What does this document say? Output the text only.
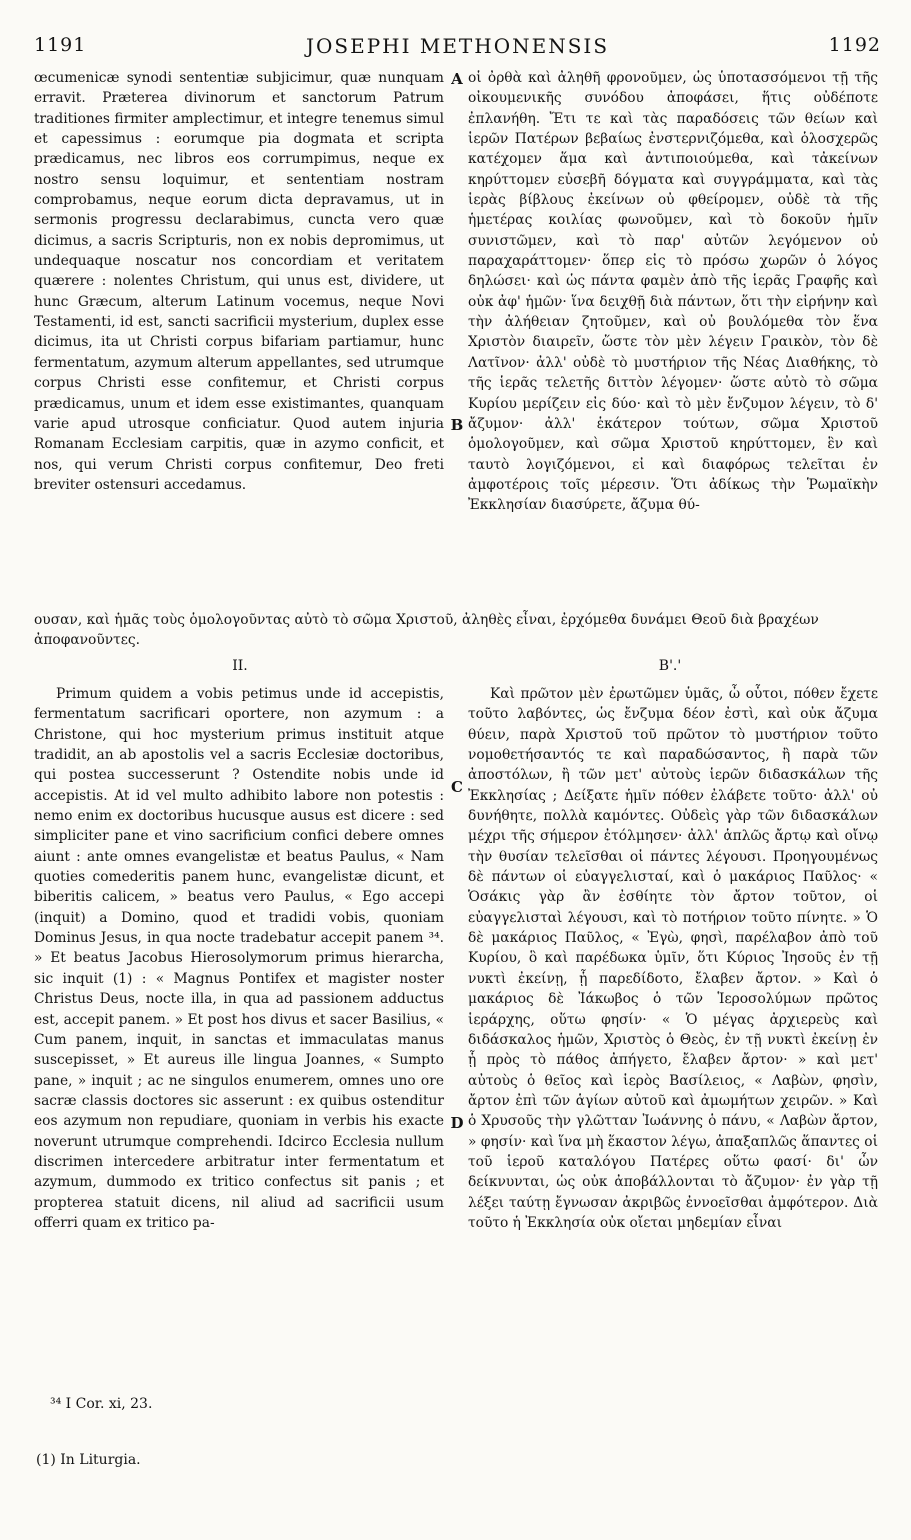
1191	JOSEPHI METHONENSIS	1192

œcumenicæ synodi sententiæ subjicimur, quæ nunquam erravit. Præterea divinorum et sanctorum Patrum traditiones firmiter amplectimur, et integre tenemus simul et capessimus : eorumque pia dogmata et scripta prædicamus, nec libros eos corrumpimus, neque ex nostro sensu loquimur, et sententiam nostram comprobamus, neque eorum dicta depravamus, ut in sermonis progressu declarabimus, cuncta vero quæ dicimus, a sacris Scripturis, non ex nobis depromimus, ut undequaque noscatur nos concordiam et veritatem quærere : nolentes Christum, qui unus est, dividere, ut hunc Græcum, alterum Latinum vocemus, neque Novi Testamenti, id est, sancti sacrificii mysterium, duplex esse dicimus, ita ut Christi corpus bifariam partiamur, hunc fermentatum, azymum alterum appellantes, sed utrumque corpus Christi esse confitemur, et Christi corpus prædicamus, unum et idem esse existimantes, quanquam varie apud utrosque conficiatur. Quod autem injuria Romanam Ecclesiam carpitis, quæ in azymo conficit, et nos, qui verum Christi corpus confitemur, Deo freti breviter ostensuri accedamus.

οἱ ὀρθὰ καὶ ἀληθῆ φρονοῦμεν, ὡς ὑποτασσόμενοι τῇ τῆς οἰκουμενικῆς συνόδου ἀποφάσει, ἥτις οὐδέποτε ἐπλανήθη. Ἔτι τε καὶ τὰς παραδόσεις τῶν θείων καὶ ἱερῶν Πατέρων βεβαίως ἐνστερνιζόμεθα, καὶ ὁλοσχερῶς κατέχομεν ἅμα καὶ ἀντιποιούμεθα, καὶ τἀκείνων κηρύττομεν εὐσεβῆ δόγματα καὶ συγγράμματα, καὶ τὰς ἱερὰς βίβλους ἐκείνων οὐ φθείρομεν, οὐδὲ τὰ τῆς ἡμετέρας κοιλίας φωνοῦμεν, καὶ τὸ δοκοῦν ἡμῖν συνιστῶμεν, καὶ τὸ παρ' αὐτῶν λεγόμενον οὐ παραχαράττομεν· ὅπερ εἰς τὸ πρόσω χωρῶν ὁ λόγος δηλώσει· καὶ ὡς πάντα φαμὲν ἀπὸ τῆς ἱερᾶς Γραφῆς καὶ οὐκ ἀφ' ἡμῶν· ἵνα δειχθῇ διὰ πάντων, ὅτι τὴν εἰρήνην καὶ τὴν ἀλήθειαν ζητοῦμεν, καὶ οὐ βουλόμεθα τὸν ἕνα Χριστὸν διαιρεῖν, ὥστε τὸν μὲν λέγειν Γραικὸν, τὸν δὲ Λατῖνον· ἀλλ' οὐδὲ τὸ μυστήριον τῆς Νέας Διαθήκης, τὸ τῆς ἱερᾶς τελετῆς διττὸν λέγομεν· ὥστε αὐτὸ τὸ σῶμα Κυρίου μερίζειν εἰς δύο· καὶ τὸ μὲν ἔνζυμον λέγειν, τὸ δ' ἄζυμον· ἀλλ' ἑκάτερον τούτων, σῶμα Χριστοῦ ὁμολογοῦμεν, καὶ σῶμα Χριστοῦ κηρύττομεν, ἓν καὶ ταυτὸ λογιζόμενοι, εἰ καὶ διαφόρως τελεῖται ἐν ἀμφοτέροις τοῖς μέρεσιν. Ὅτι ἀδίκως τὴν Ῥωμαϊκὴν Ἐκκλησίαν διασύρετε, ἄζυμα θύ-

A
B
C
D

ουσαν, καὶ ἡμᾶς τοὺς ὁμολογοῦντας αὐτὸ τὸ σῶμα Χριστοῦ, ἀληθὲς εἶναι, ἐρχόμεθα δυνάμει Θεοῦ διὰ βραχέων ἀποφανοῦντες.

II.	Β'.'

Primum quidem a vobis petimus unde id accepistis, fermentatum sacrificari oportere, non azymum : a Christone, qui hoc mysterium primus instituit atque tradidit, an ab apostolis vel a sacris Ecclesiæ doctoribus, qui postea successerunt ? Ostendite nobis unde id accepistis. At id vel multo adhibito labore non potestis : nemo enim ex doctoribus hucusque ausus est dicere : sed simpliciter pane et vino sacrificium confici debere omnes aiunt : ante omnes evangelistæ et beatus Paulus, « Nam quoties comederitis panem hunc, evangelistæ dicunt, et biberitis calicem, » beatus vero Paulus, « Ego accepi (inquit) a Domino, quod et tradidi vobis, quoniam Dominus Jesus, in qua nocte tradebatur accepit panem ³⁴. » Et beatus Jacobus Hierosolymorum primus hierarcha, sic inquit (1) : « Magnus Pontifex et magister noster Christus Deus, nocte illa, in qua ad passionem adductus est, accepit panem. » Et post hos divus et sacer Basilius, « Cum panem, inquit, in sanctas et immaculatas manus suscepisset, » Et aureus ille lingua Joannes, « Sumpto pane, » inquit ; ac ne singulos enumerem, omnes uno ore sacræ classis doctores sic asserunt : ex quibus ostenditur eos azymum non repudiare, quoniam in verbis his exacte noverunt utrumque comprehendi. Idcirco Ecclesia nullum discrimen intercedere arbitratur inter fermentatum et azymum, dummodo ex tritico confectus sit panis ; et propterea statuit dicens, nil aliud ad sacrificii usum offerri quam ex tritico pa-

Καὶ πρῶτον μὲν ἐρωτῶμεν ὑμᾶς, ὦ οὗτοι, πόθεν ἔχετε τοῦτο λαβόντες, ὡς ἔνζυμα δέον ἐστὶ, καὶ οὐκ ἄζυμα θύειν, παρὰ Χριστοῦ τοῦ πρῶτον τὸ μυστήριον τοῦτο νομοθετήσαντός τε καὶ παραδώσαντος, ἢ παρὰ τῶν ἀποστόλων, ἢ τῶν μετ' αὐτοὺς ἱερῶν διδασκάλων τῆς Ἐκκλησίας ; Δείξατε ἡμῖν πόθεν ἐλάβετε τοῦτο· ἀλλ' οὐ δυνήθητε, πολλὰ καμόντες. Οὐδεὶς γὰρ τῶν διδασκάλων μέχρι τῆς σήμερον ἐτόλμησεν· ἀλλ' ἁπλῶς ἄρτῳ καὶ οἴνῳ τὴν θυσίαν τελεῖσθαι οἱ πάντες λέγουσι. Προηγουμένως δὲ πάντων οἱ εὐαγγελισταί, καὶ ὁ μακάριος Παῦλος· « Ὁσάκις γὰρ ἂν ἐσθίητε τὸν ἄρτον τοῦτον, οἱ εὐαγγελισταὶ λέγουσι, καὶ τὸ ποτήριον τοῦτο πίνητε. » Ὁ δὲ μακάριος Παῦλος, « Ἐγὼ, φησὶ, παρέλαβον ἀπὸ τοῦ Κυρίου, ὃ καὶ παρέδωκα ὑμῖν, ὅτι Κύριος Ἰησοῦς ἐν τῇ νυκτὶ ἐκείνῃ, ᾗ παρεδίδοτο, ἔλαβεν ἄρτον. » Καὶ ὁ μακάριος δὲ Ἰάκωβος ὁ τῶν Ἱεροσολύμων πρῶτος ἱεράρχης, οὕτω φησίν· « Ὁ μέγας ἀρχιερεὺς καὶ διδάσκαλος ἡμῶν, Χριστὸς ὁ Θεὸς, ἐν τῇ νυκτὶ ἐκείνῃ ἐν ᾗ πρὸς τὸ πάθος ἀπήγετο, ἔλαβεν ἄρτον· » καὶ μετ' αὐτοὺς ὁ θεῖος καὶ ἱερὸς Βασίλειος, « Λαβὼν, φησὶν, ἄρτον ἐπὶ τῶν ἁγίων αὐτοῦ καὶ ἀμωμήτων χειρῶν. » Καὶ ὁ Χρυσοῦς τὴν γλῶτταν Ἰωάννης ὁ πάνυ, « Λαβὼν ἄρτον, » φησίν· καὶ ἵνα μὴ ἕκαστον λέγω, ἀπαξαπλῶς ἅπαντες οἱ τοῦ ἱεροῦ καταλόγου Πατέρες οὕτω φασί· δι' ὧν δείκνυνται, ὡς οὐκ ἀποβάλλονται τὸ ἄζυμον· ἐν γὰρ τῇ λέξει ταύτῃ ἔγνωσαν ἀκριβῶς ἐννοεῖσθαι ἀμφότερον. Διὰ τοῦτο ἡ Ἐκκλησία οὐκ οἴεται μηδεμίαν εἶναι

³⁴ I Cor. xi, 23.
(1) In Liturgia.
